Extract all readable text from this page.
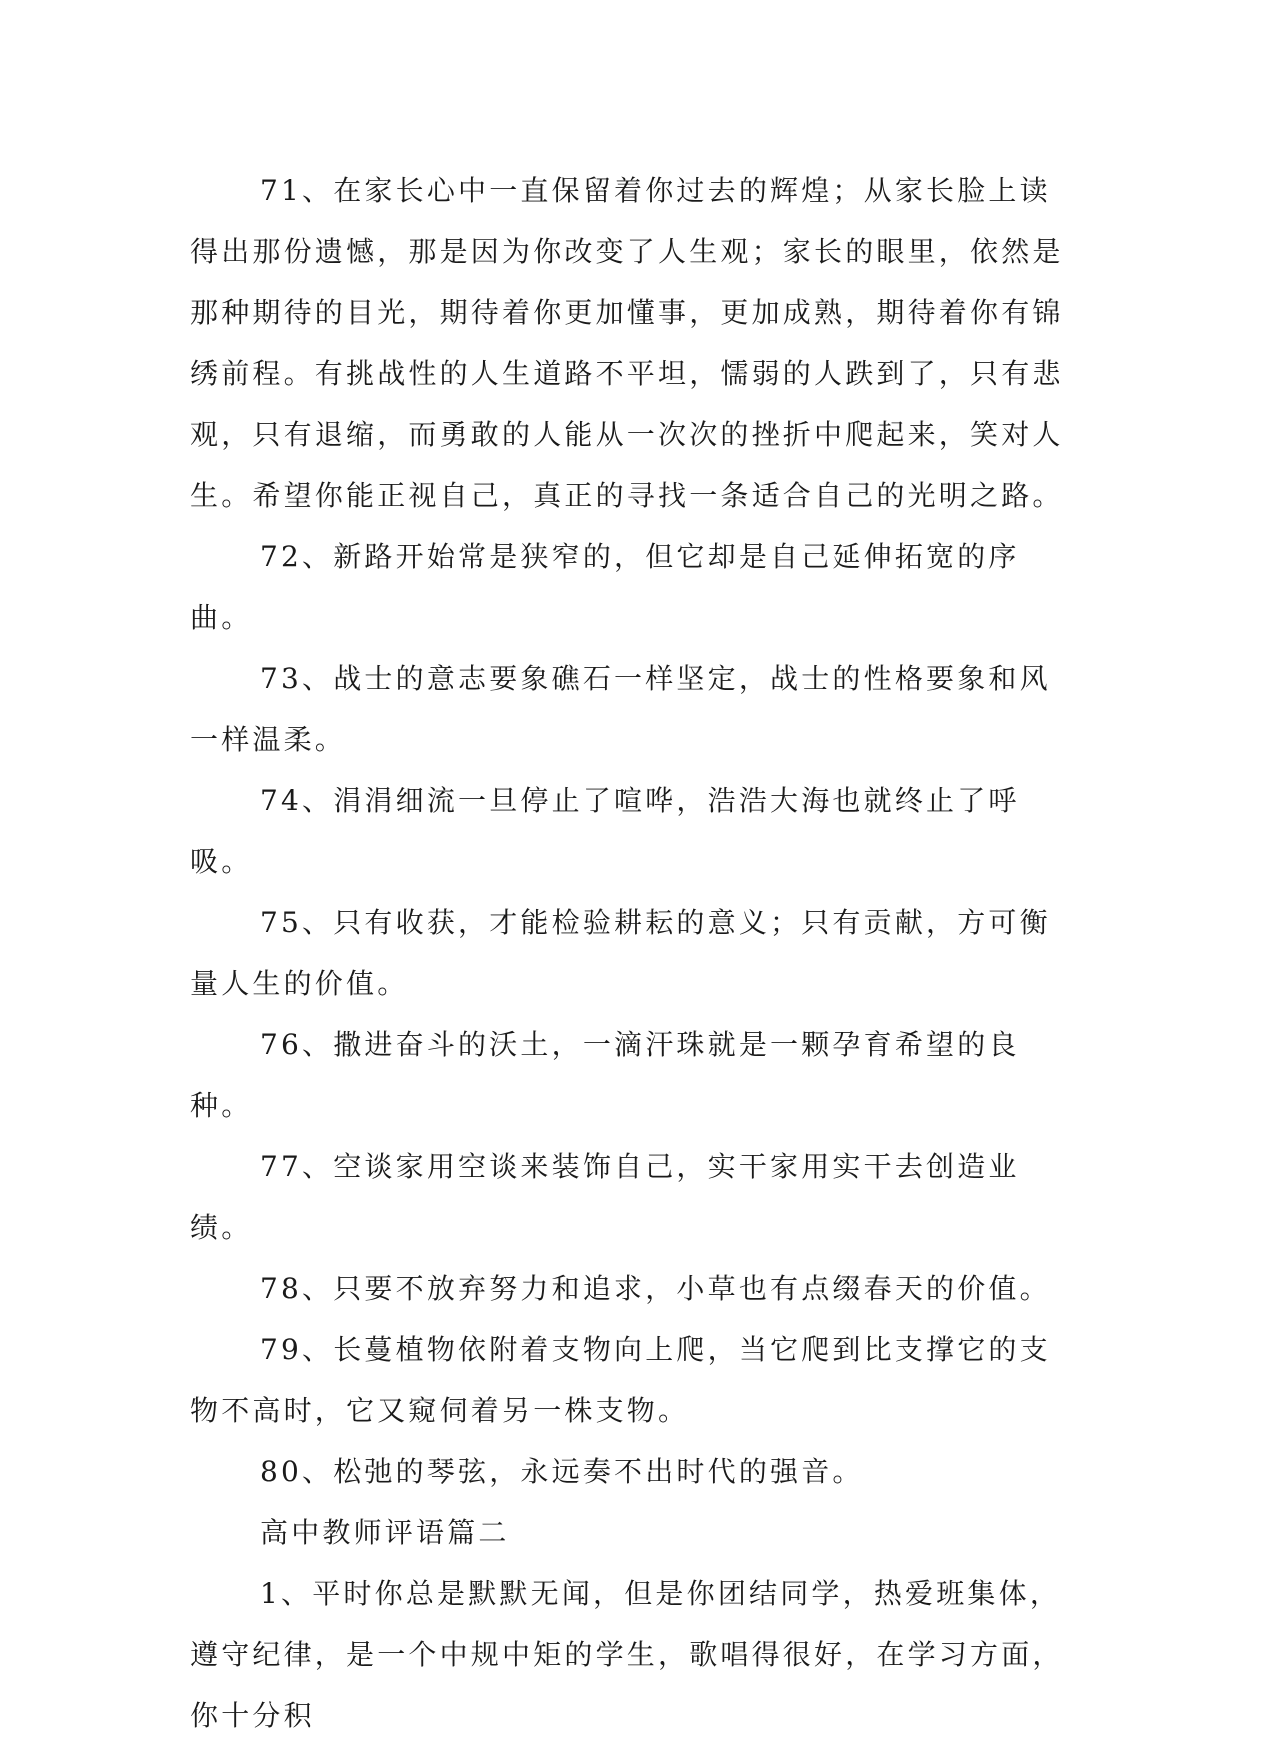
71、在家长心中一直保留着你过去的辉煌；从家长脸上读得出那份遗憾，那是因为你改变了人生观；家长的眼里，依然是那种期待的目光，期待着你更加懂事，更加成熟，期待着你有锦绣前程。有挑战性的人生道路不平坦，懦弱的人跌到了，只有悲观，只有退缩，而勇敢的人能从一次次的挫折中爬起来，笑对人生。希望你能正视自己，真正的寻找一条适合自己的光明之路。

72、新路开始常是狭窄的，但它却是自己延伸拓宽的序曲。

73、战士的意志要象礁石一样坚定，战士的性格要象和风一样温柔。

74、涓涓细流一旦停止了喧哗，浩浩大海也就终止了呼吸。

75、只有收获，才能检验耕耘的意义；只有贡献，方可衡量人生的价值。

76、撒进奋斗的沃土，一滴汗珠就是一颗孕育希望的良种。

77、空谈家用空谈来装饰自己，实干家用实干去创造业绩。

78、只要不放弃努力和追求，小草也有点缀春天的价值。

79、长蔓植物依附着支物向上爬，当它爬到比支撑它的支物不高时，它又窥伺着另一株支物。

80、松弛的琴弦，永远奏不出时代的强音。

高中教师评语篇二

1、平时你总是默默无闻，但是你团结同学，热爱班集体，遵守纪律，是一个中规中矩的学生，歌唱得很好，在学习方面，你十分积
